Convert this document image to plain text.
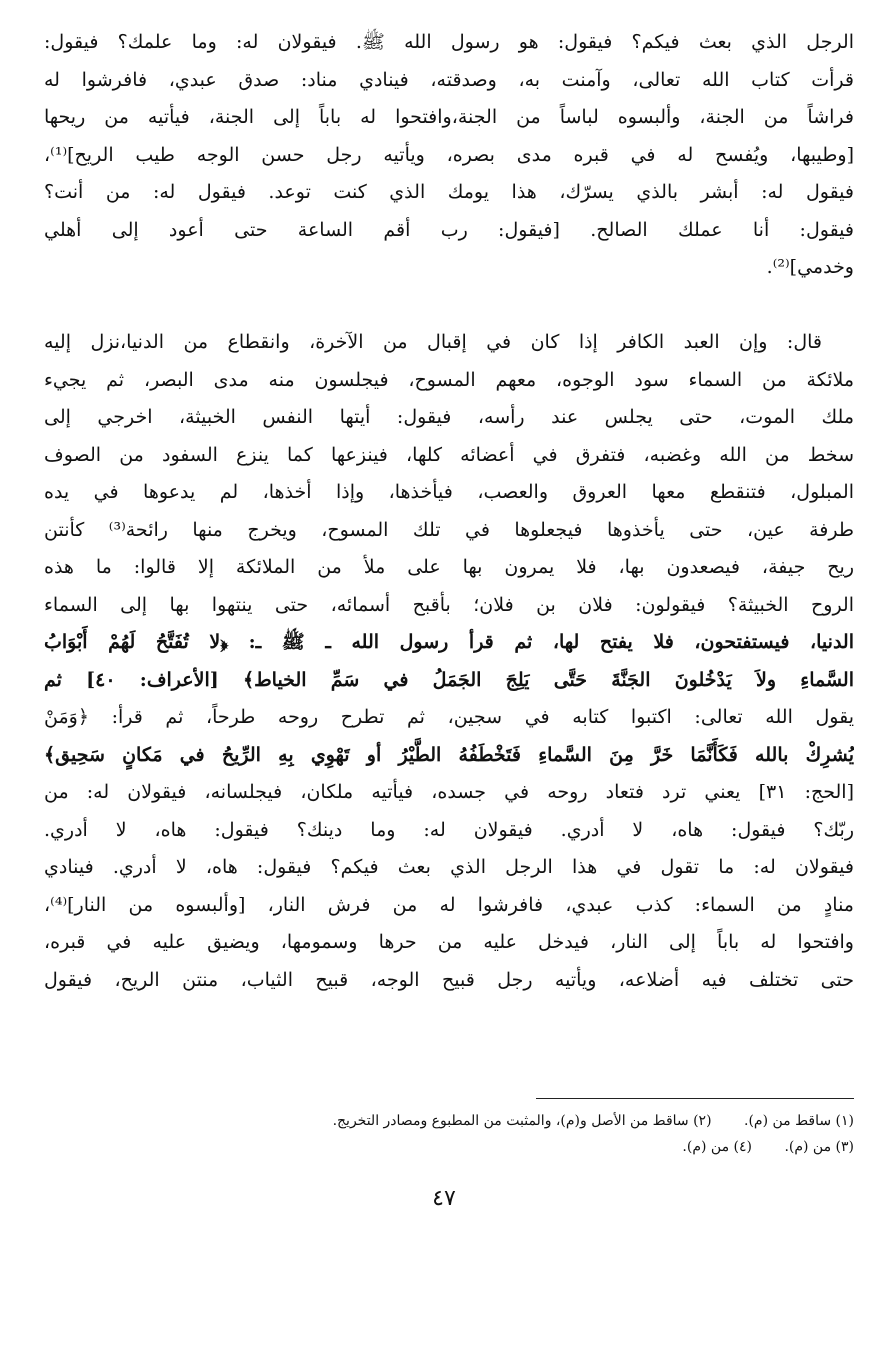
الرجل الذي بعث فيكم؟ فيقول: هو رسول الله ﷺ. فيقولان له: وما علمك؟ فيقول:
قرأت كتاب الله تعالى، وآمنت به، وصدقته، فينادي مناد: صدق عبدي، فافرشوا له
فراشاً من الجنة، وألبسوه لباساً من الجنة،وافتحوا له باباً إلى الجنة، فيأتيه من ريحها
[وطيبها، ويُفسح له في قبره مدى بصره، ويأتيه رجل حسن الوجه طيب الريح]⁽¹⁾،
فيقول له: أبشر بالذي يسرّك، هذا يومك الذي كنت توعد. فيقول له: من أنت؟
فيقول: أنا عملك الصالح. [فيقول: رب أقم الساعة حتى أعود إلى أهلي
وخدمي]⁽²⁾.
قال: وإن العبد الكافر إذا كان في إقبال من الآخرة، وانقطاع من الدنيا،نزل إليه
ملائكة من السماء سود الوجوه، معهم المسوح، فيجلسون منه مدى البصر، ثم يجيء
ملك الموت، حتى يجلس عند رأسه، فيقول: أيتها النفس الخبيثة، اخرجي إلى
سخط من الله وغضبه، فتفرق في أعضائه كلها، فينزعها كما ينزع السفود من الصوف
المبلول، فتنقطع معها العروق والعصب، فيأخذها، وإذا أخذها، لم يدعوها في يده
طرفة عين، حتى يأخذوها فيجعلوها في تلك المسوح، ويخرج منها رائحة⁽³⁾ كأنتن
ريح جيفة، فيصعدون بها، فلا يمرون بها على ملأ من الملائكة إلا قالوا: ما هذه
الروح الخبيثة؟ فيقولون: فلان بن فلان؛ بأقبح أسمائه، حتى ينتهوا بها إلى السماء
الدنيا، فيستفتحون، فلا يفتح لها، ثم قرأ رسول الله ـ ﷺ ـ: ﴿لا تُفَتَّحُ لَهُمْ أَبْوَابُ
السَّماءِ ولاَ يَدْخُلونَ الجَنَّةَ حَتَّى يَلِجَ الجَمَلُ في سَمِّ الخياط﴾ [الأعراف: ٤٠] ثم
يقول الله تعالى: اكتبوا كتابه في سجين، ثم تطرح روحه طرحاً، ثم قرأ: ﴿وَمَنْ
يُشرِكْ بالله فَكَأَنَّمَا خَرَّ مِنَ السَّماءِ فَتَخْطَفُهُ الطَّيْرُ أو تَهْوِي بِهِ الرِّيحُ في مَكانٍ سَحِيق﴾
[الحج: ٣١] يعني ترد فتعاد روحه في جسده، فيأتيه ملكان، فيجلسانه، فيقولان له: من
ربّك؟ فيقول: هاه، لا أدري. فيقولان له: وما دينك؟ فيقول: هاه، لا أدري.
فيقولان له: ما تقول في هذا الرجل الذي بعث فيكم؟ فيقول: هاه، لا أدري. فينادي
منادٍ من السماء: كذب عبدي، فافرشوا له من فرش النار، [وألبسوه من النار]⁽⁴⁾،
وافتحوا له باباً إلى النار، فيدخل عليه من حرها وسمومها، ويضيق عليه في قبره،
حتى تختلف فيه أضلاعه، ويأتيه رجل قبيح الوجه، قبيح الثياب، منتن الريح، فيقول
(١) ساقط من (م). (٢) ساقط من الأصل و(م)، والمثبت من المطبوع ومصادر التخريج.
(٣) من (م). (٤) من (م).
٤٧
